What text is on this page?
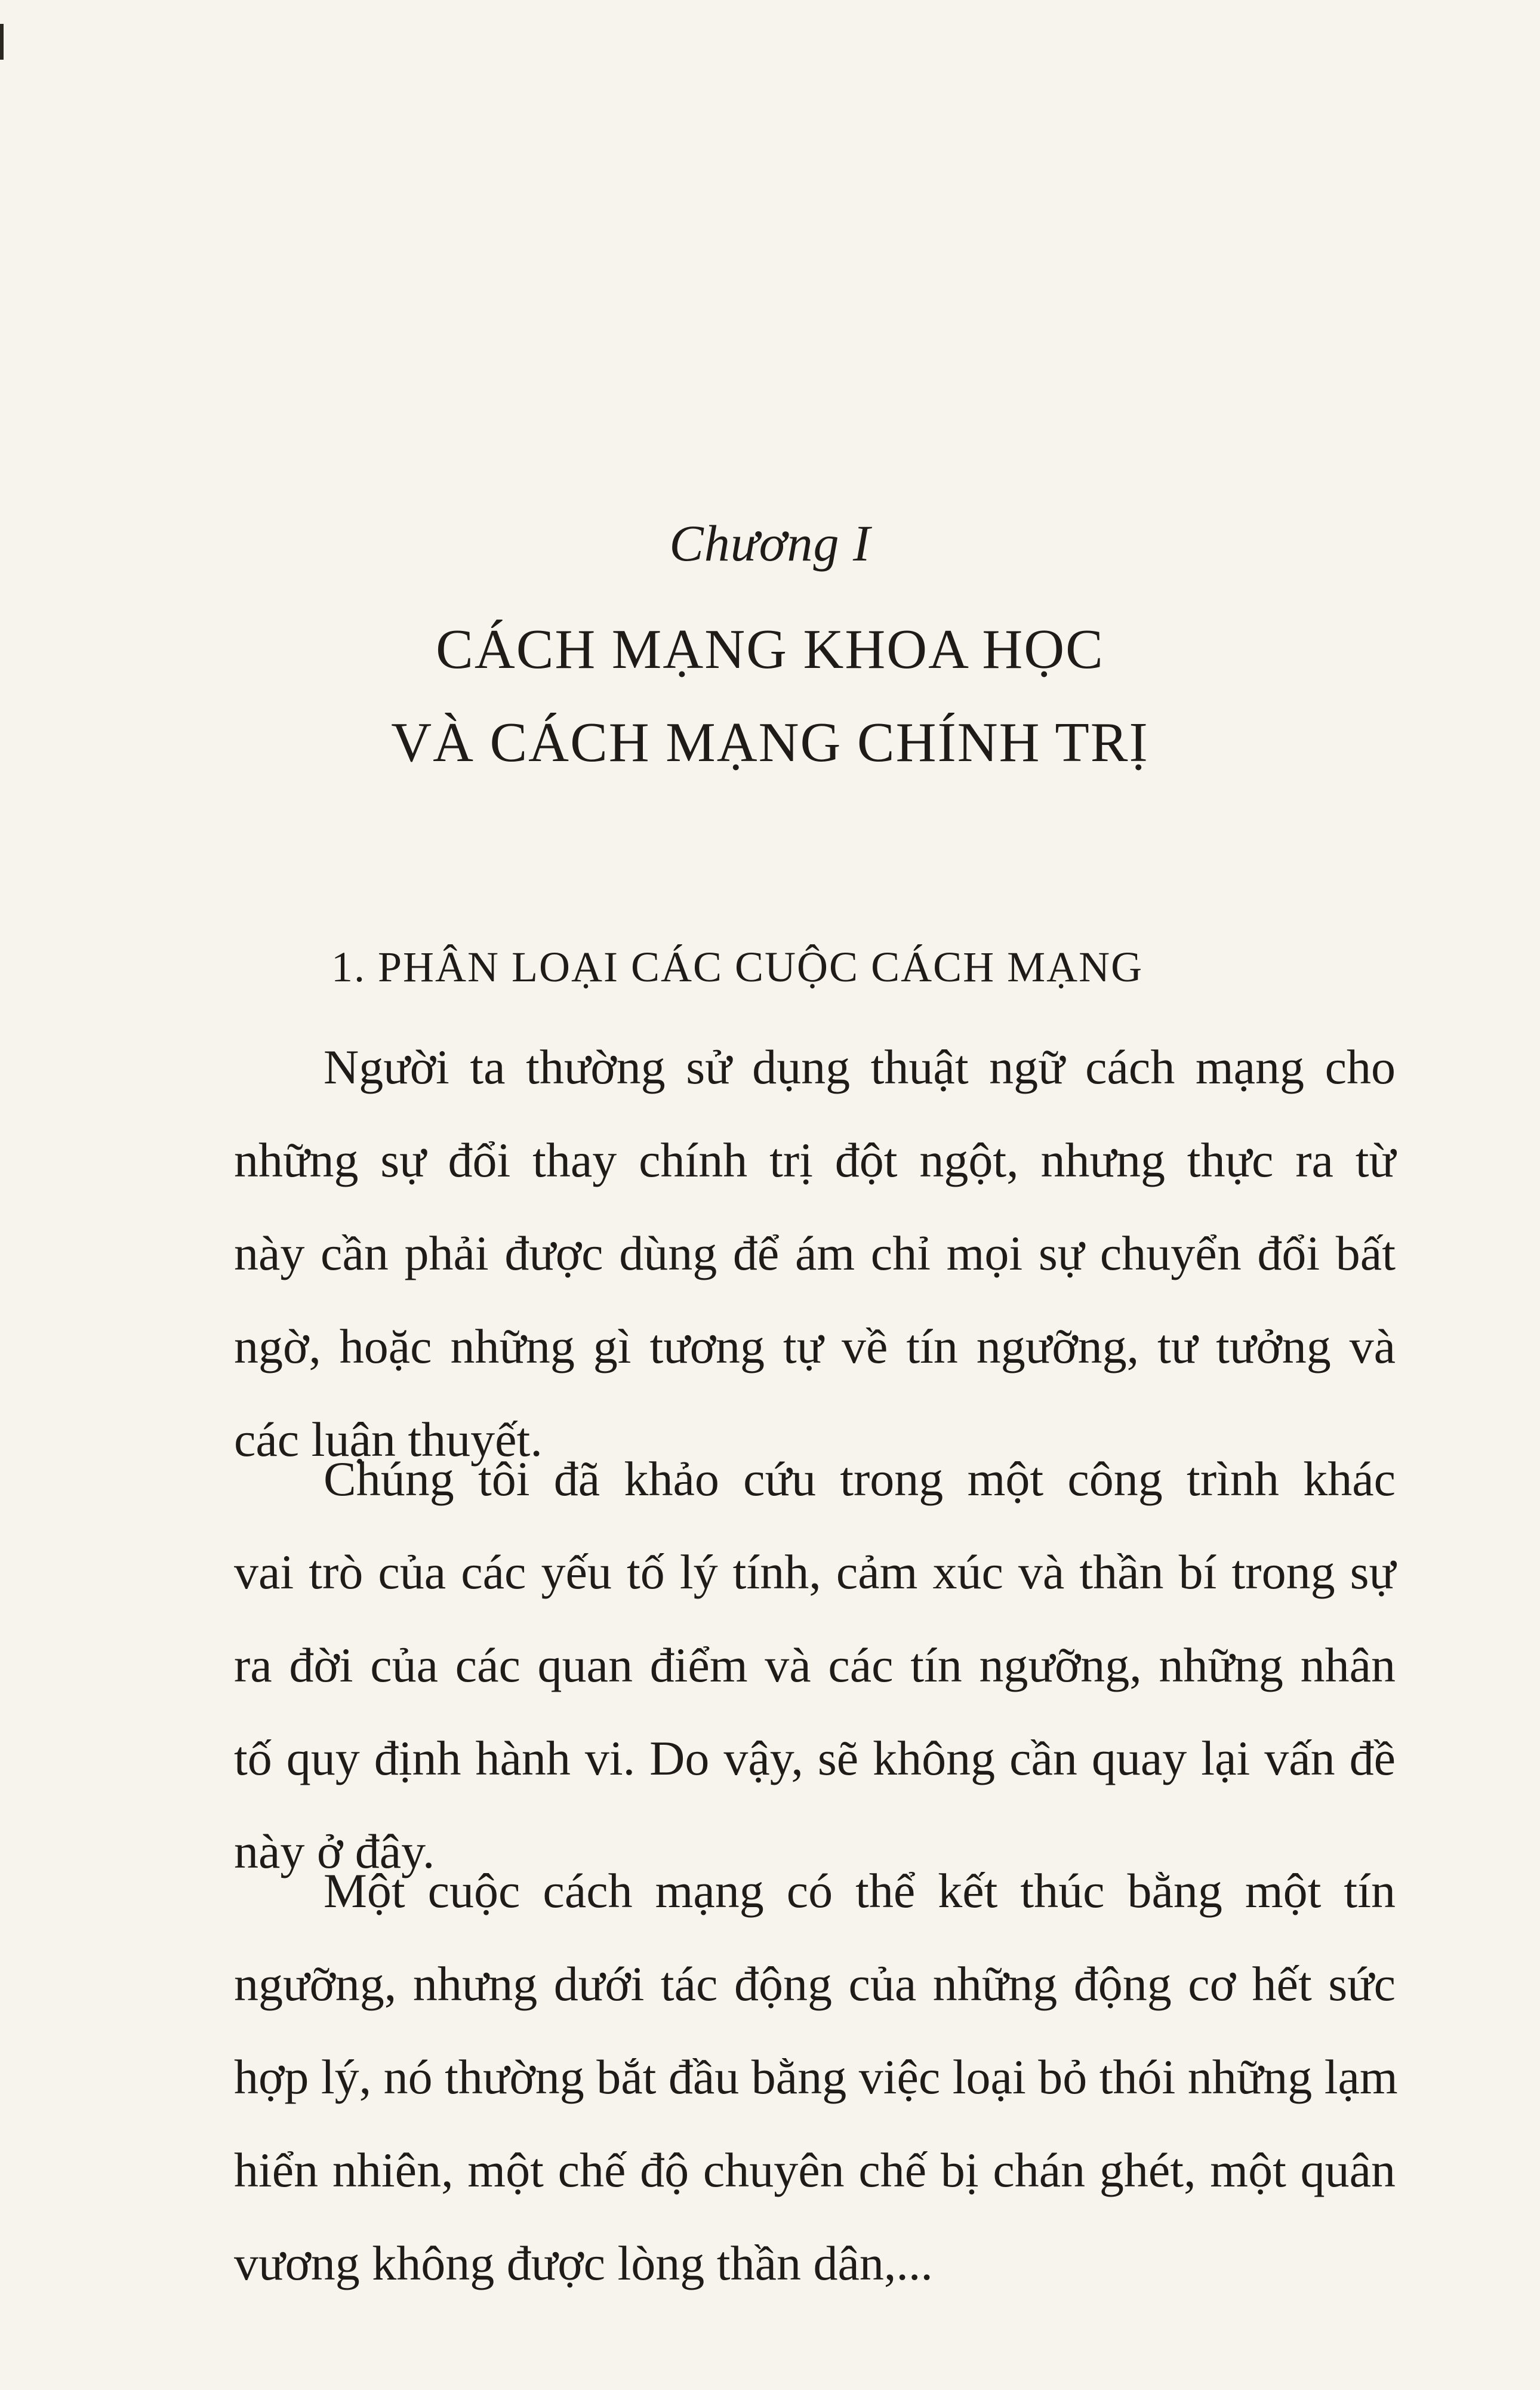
Chương I
CÁCH MẠNG KHOA HỌC
VÀ CÁCH MẠNG CHÍNH TRỊ
1. PHÂN LOẠI CÁC CUỘC CÁCH MẠNG
Người ta thường sử dụng thuật ngữ cách mạng cho
những sự đổi thay chính trị đột ngột, nhưng thực ra từ
này cần phải được dùng để ám chỉ mọi sự chuyển đổi bất
ngờ, hoặc những gì tương tự về tín ngưỡng, tư tưởng và
các luận thuyết.
Chúng tôi đã khảo cứu trong một công trình khác
vai trò của các yếu tố lý tính, cảm xúc và thần bí trong sự
ra đời của các quan điểm và các tín ngưỡng, những nhân
tố quy định hành vi. Do vậy, sẽ không cần quay lại vấn đề
này ở đây.
Một cuộc cách mạng có thể kết thúc bằng một tín
ngưỡng, nhưng dưới tác động của những động cơ hết sức
hợp lý, nó thường bắt đầu bằng việc loại bỏ thói những lạm
hiển nhiên, một chế độ chuyên chế bị chán ghét, một quân
vương không được lòng thần dân,...
